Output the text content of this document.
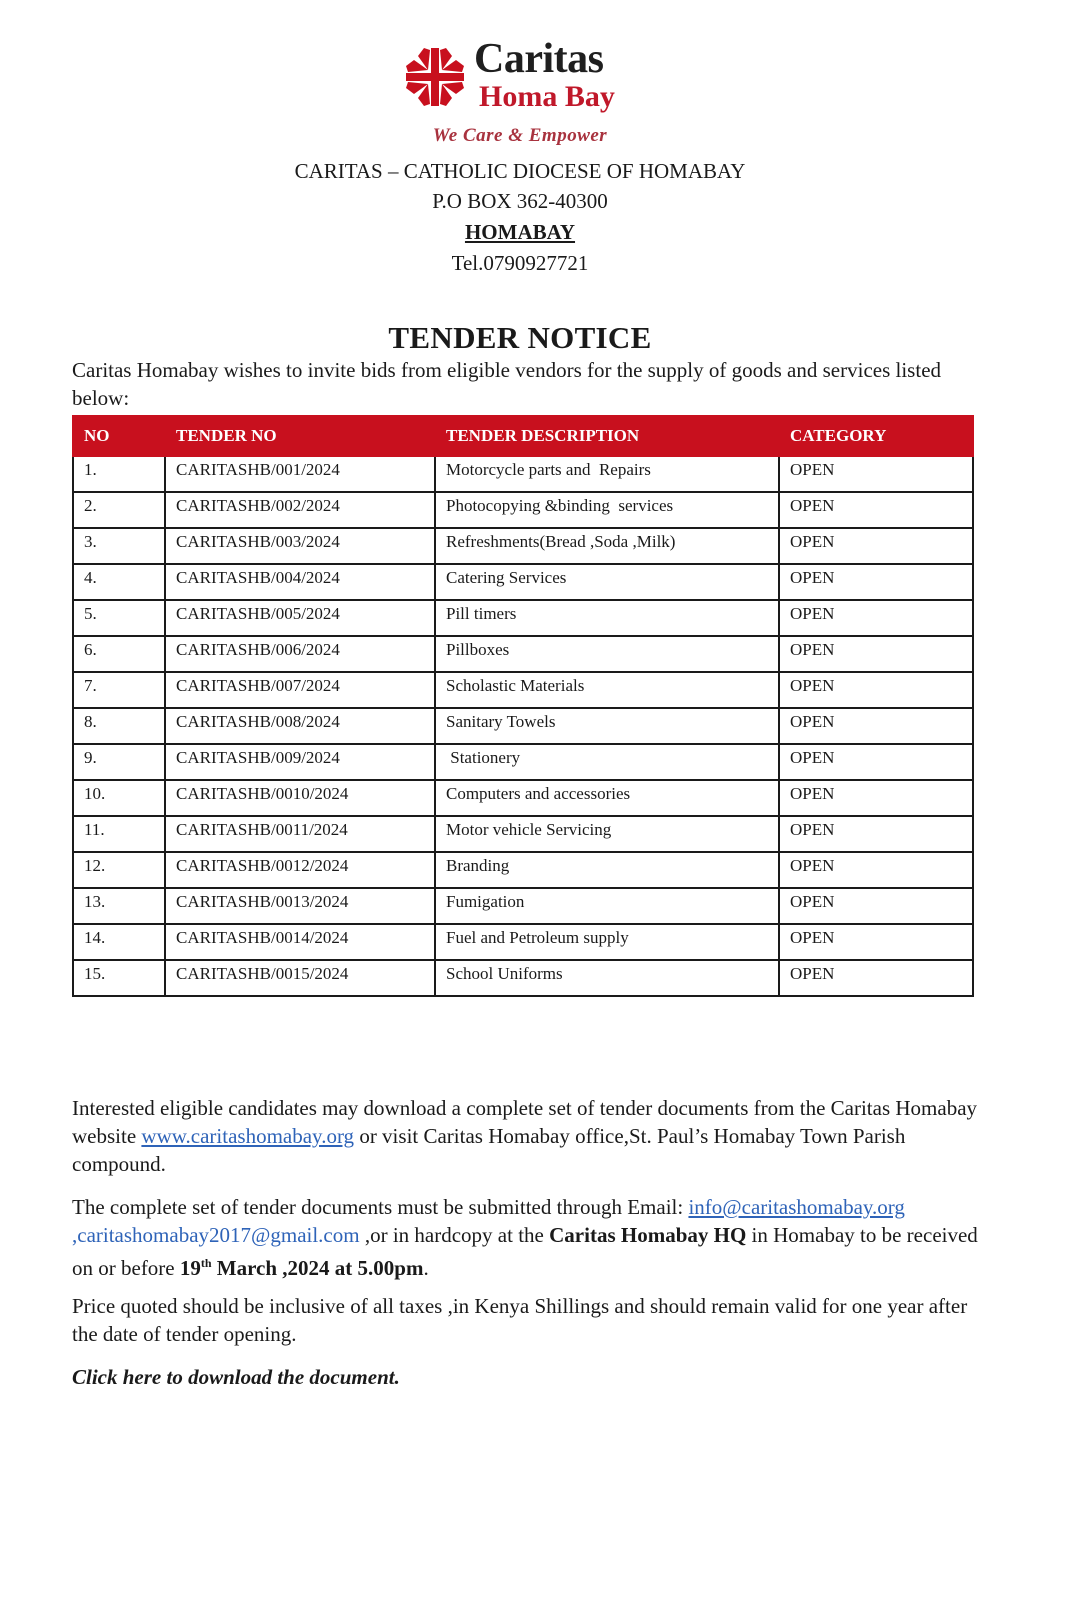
Caritas
Homa Bay
We Care & Empower
CARITAS – CATHOLIC DIOCESE OF HOMABAY
P.O BOX 362-40300
HOMABAY
Tel.0790927721
TENDER NOTICE
Caritas Homabay wishes to invite bids from eligible vendors for the supply of goods and services listed below:
NO	TENDER NO	TENDER DESCRIPTION	CATEGORY
1.	CARITASHB/001/2024	Motorcycle parts and  Repairs	OPEN
2.	CARITASHB/002/2024	Photocopying &binding  services	OPEN
3.	CARITASHB/003/2024	Refreshments(Bread ,Soda ,Milk)	OPEN
4.	CARITASHB/004/2024	Catering Services	OPEN
5.	CARITASHB/005/2024	Pill timers	OPEN
6.	CARITASHB/006/2024	Pillboxes	OPEN
7.	CARITASHB/007/2024	Scholastic Materials	OPEN
8.	CARITASHB/008/2024	Sanitary Towels	OPEN
9.	CARITASHB/009/2024	Stationery	OPEN
10.	CARITASHB/0010/2024	Computers and accessories	OPEN
11.	CARITASHB/0011/2024	Motor vehicle Servicing	OPEN
12.	CARITASHB/0012/2024	Branding	OPEN
13.	CARITASHB/0013/2024	Fumigation	OPEN
14.	CARITASHB/0014/2024	Fuel and Petroleum supply	OPEN
15.	CARITASHB/0015/2024	School Uniforms	OPEN
Interested eligible candidates may download a complete set of tender documents from the Caritas Homabay website www.caritashomabay.org or visit Caritas Homabay office,St. Paul’s Homabay Town Parish compound.
The complete set of tender documents must be submitted through Email: info@caritashomabay.org
,caritashomabay2017@gmail.com ,or in hardcopy at the Caritas Homabay HQ in Homabay to be received on or before 19th March ,2024 at 5.00pm.
Price quoted should be inclusive of all taxes ,in Kenya Shillings and should remain valid for one year after the date of tender opening.
Click here to download the document.
